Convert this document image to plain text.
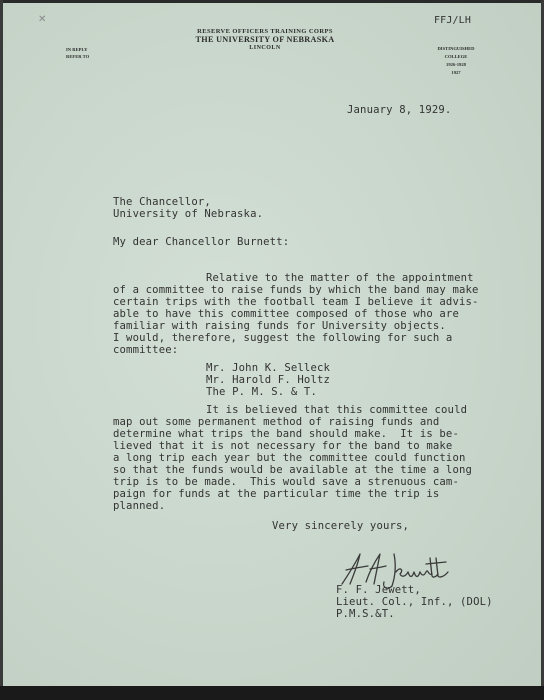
✕
RESERVE OFFICERS TRAINING CORPS
THE UNIVERSITY OF NEBRASKA
LINCOLN
IN REPLY
REFER TO
DISTINGUISHED
COLLEGE
1926-1928
1927
FFJ/LH
January 8, 1929.
The Chancellor,
University of Nebraska.
My dear Chancellor Burnett:
Relative to the matter of the appointment
of a committee to raise funds by which the band may make
certain trips with the football team I believe it advis-
able to have this committee composed of those who are
familiar with raising funds for University objects.
I would, therefore, suggest the following for such a
committee:
Mr. John K. Selleck
Mr. Harold F. Holtz
The P. M. S. & T.
It is believed that this committee could
map out some permanent method of raising funds and
determine what trips the band should make.  It is be-
lieved that it is not necessary for the band to make
a long trip each year but the committee could function
so that the funds would be available at the time a long
trip is to be made.  This would save a strenuous cam-
paign for funds at the particular time the trip is
planned.
Very sincerely yours,
F. F. Jewett,
Lieut. Col., Inf., (DOL)
P.M.S.&T.
